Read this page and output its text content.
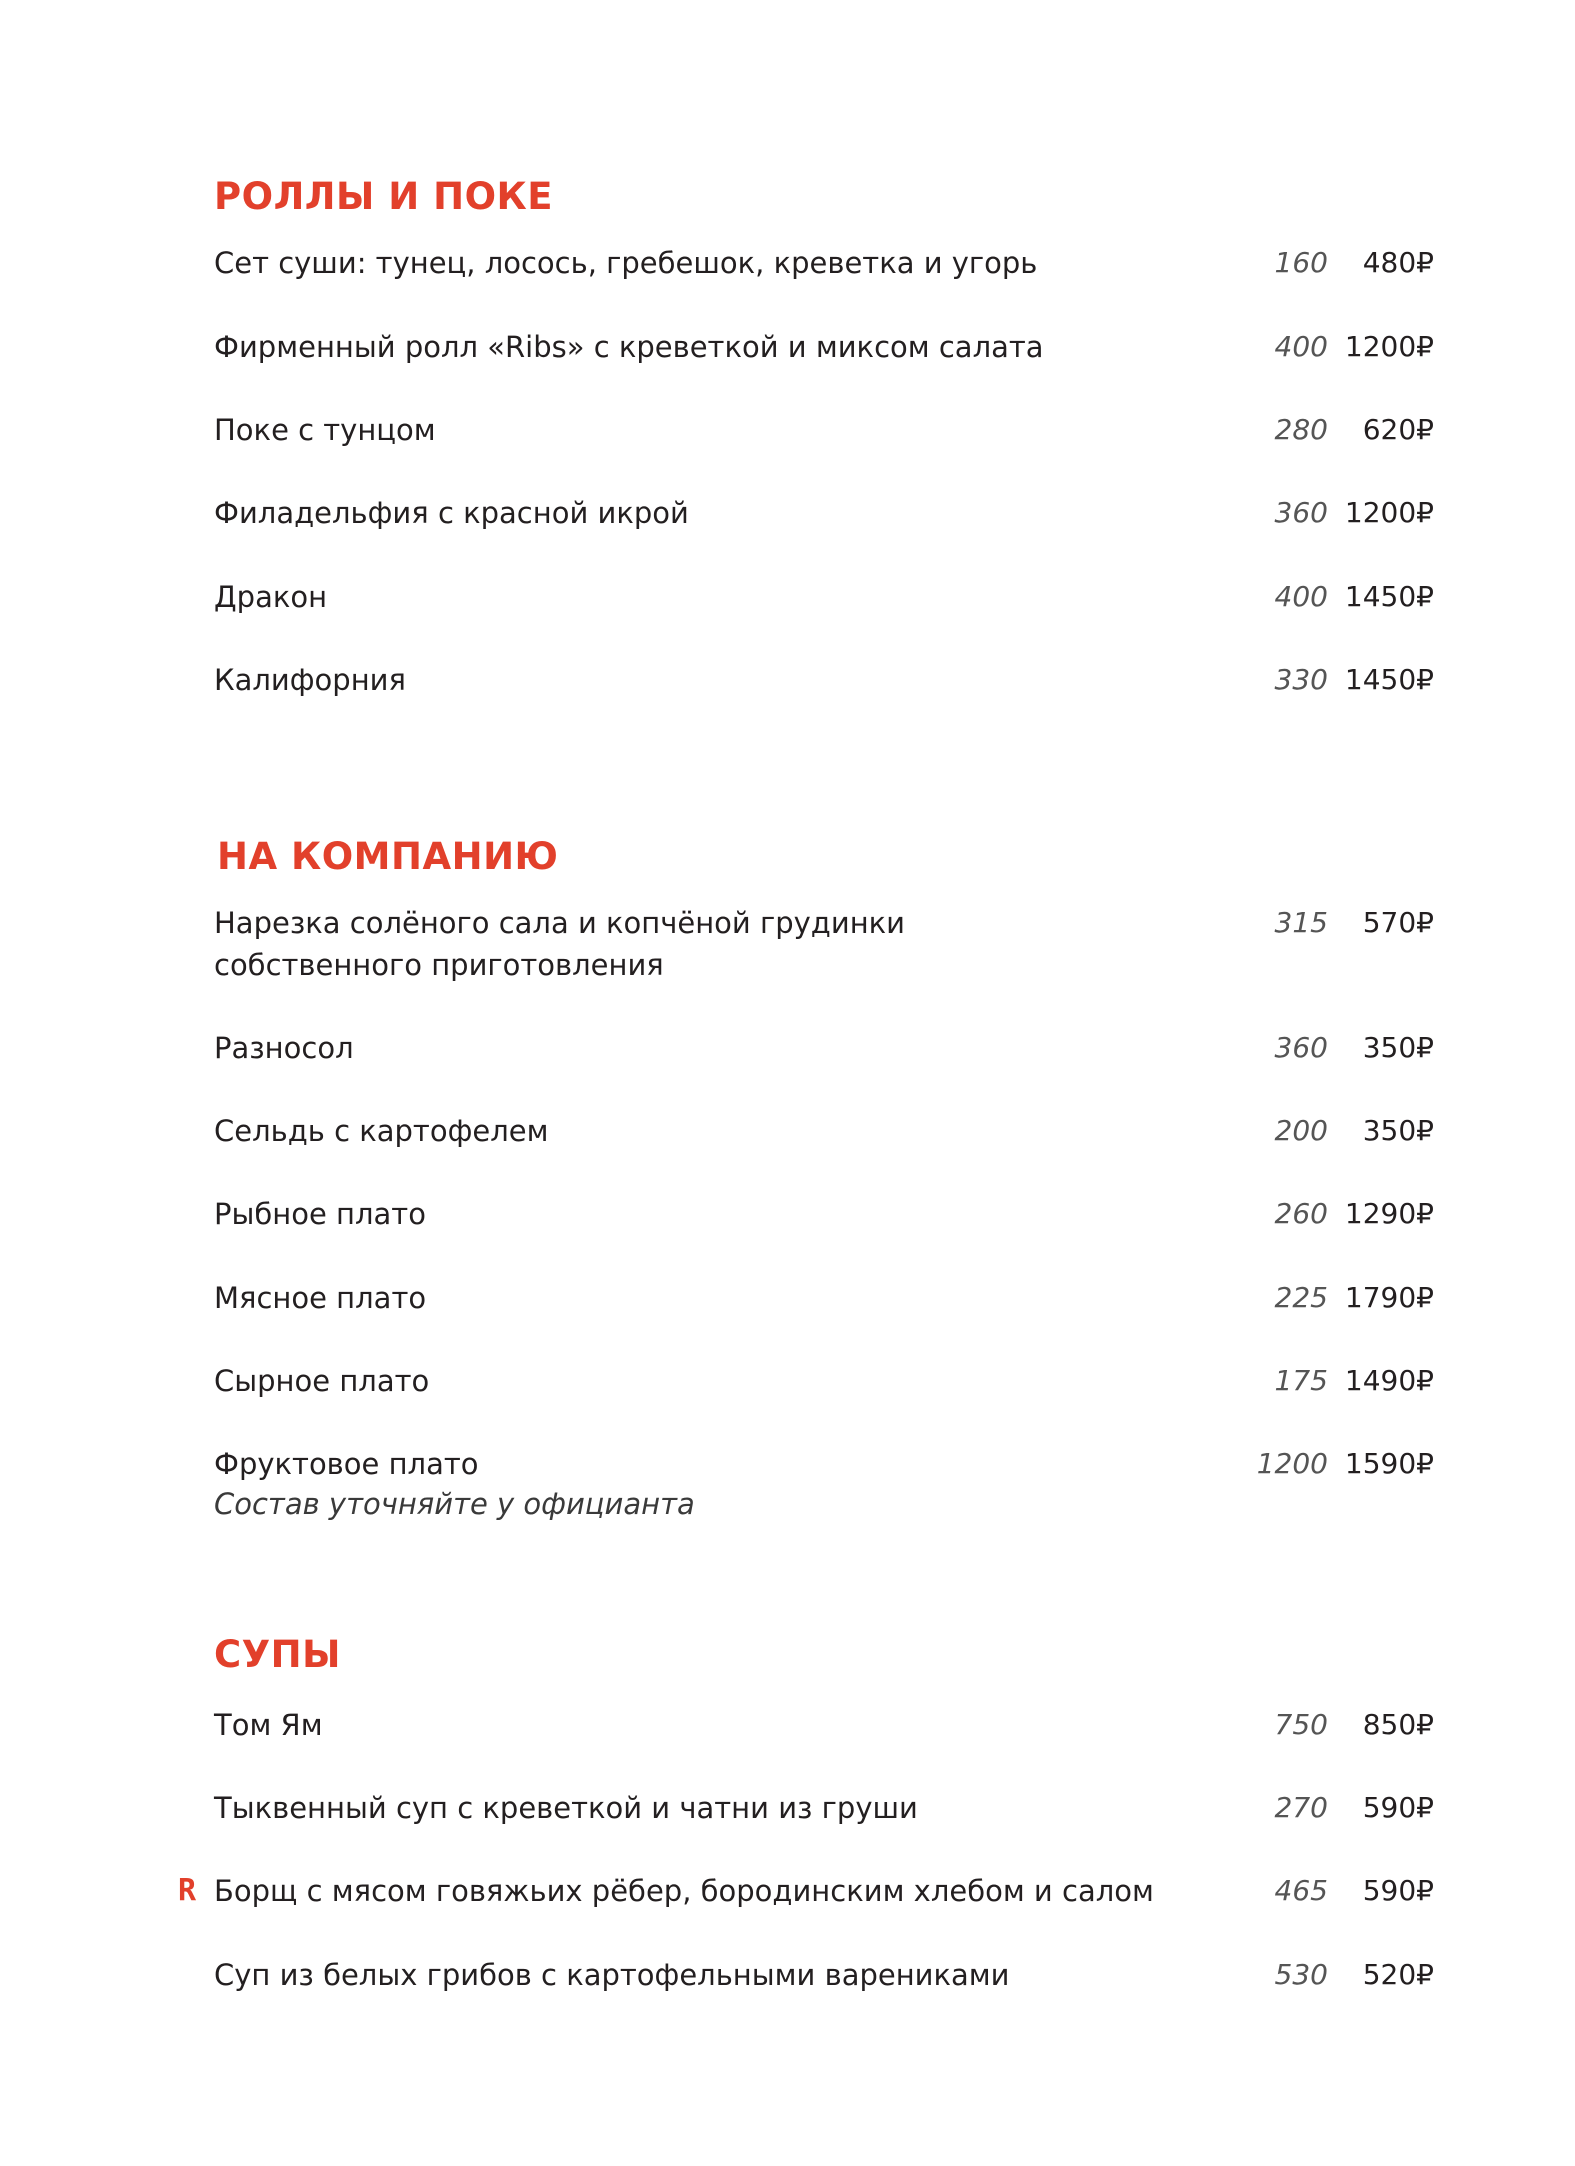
РОЛЛЫ И ПОКЕ
Сет суши: тунец, лосось, гребешок, креветка и угорь	160	480₽
Фирменный ролл «Ribs» с креветкой и миксом салата	400 1200₽
Поке с тунцом	280	620₽
Филадельфия с красной икрой	360 1200₽
Дракон	400 1450₽
Калифорния	330 1450₽
НА КОМПАНИЮ
Нарезка солёного сала и копчёной грудинки
собственного приготовления
315	570₽
Разносол	360	350₽
Сельдь с картофелем	200	350₽
Рыбное плато	260 1290₽
Мясное плато	225 1790₽
Сырное плато	175 1490₽
Фруктовое плато
Состав уточняйте у официанта
1200 1590₽
СУПЫ
Том Ям	750	850₽
Тыквенный суп с креветкой и чатни из груши	270	590₽
R Борщ с мясом говяжьих рёбер, бородинским хлебом и салом	465	590₽
Суп из белых грибов с картофельными варениками	530	520₽
